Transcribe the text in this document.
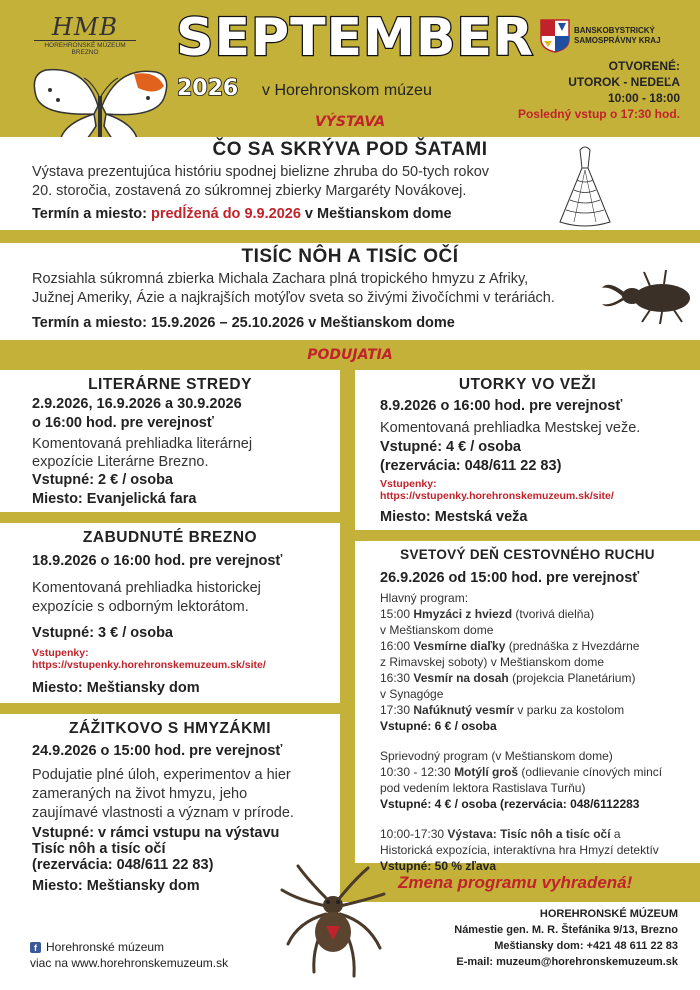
HMB
HOREHRONSKÉ MÚZEUM BREZNO	SEPTEMBER
2026 v Horehronskom múzeu
BANSKOBYSTRICKÝ
SAMOSPRÁVNY KRAJ
OTVORENÉ:
UTOROK - NEDEĽA
10:00 - 18:00
Posledný vstup o 17:30 hod.
VÝSTAVA
ČO SA SKRÝVA POD ŠATAMI
Výstava prezentujúca históriu spodnej bielizne zhruba do 50-tych rokov
20. storočia, zostavená zo súkromnej zbierky Margaréty Novákovej.
Termín a miesto: predĺžená do 9.9.2026 v Meštianskom dome
TISÍC NÔH A TISÍC OČÍ
Rozsiahla súkromná zbierka Michala Zachara plná tropického hmyzu z Afriky,
Južnej Ameriky, Ázie a najkrajších motýľov sveta so živými živočíchmi v teráriách.
Termín a miesto: 15.9.2026 – 25.10.2026 v Meštianskom dome
PODUJATIA
LITERÁRNE STREDY
2.9.2026, 16.9.2026 a 30.9.2026
o 16:00 hod. pre verejnosť
Komentovaná prehliadka literárnej
expozície Literárne Brezno.
Vstupné: 2 € / osoba
Miesto: Evanjelická fara
ZABUDNUTÉ BREZNO
18.9.2026 o 16:00 hod. pre verejnosť
Komentovaná prehliadka historickej
expozície s odborným lektorátom.
Vstupné: 3 € / osoba
Vstupenky:
https://vstupenky.horehronskemuzeum.sk/site/
Miesto: Meštiansky dom
ZÁŽITKOVO S HMYZÁKMI
24.9.2026 o 15:00 hod. pre verejnosť
Podujatie plné úloh, experimentov a hier
zameraných na život hmyzu, jeho
zaujímavé vlastnosti a význam v prírode.
Vstupné: v rámci vstupu na výstavu
Tisíc nôh a tisíc očí
(rezervácia: 048/611 22 83)
Miesto: Meštiansky dom
UTORKY VO VEŽI
8.9.2026 o 16:00 hod. pre verejnosť
Komentovaná prehliadka Mestskej veže.
Vstupné: 4 € / osoba
(rezervácia: 048/611 22 83)
Vstupenky:
https://vstupenky.horehronskemuzeum.sk/site/
Miesto: Mestská veža
SVETOVÝ DEŇ CESTOVNÉHO RUCHU
26.9.2026 od 15:00 hod. pre verejnosť
Hlavný program:
15:00 Hmyzáci z hviezd (tvorivá dielňa)
v Meštianskom dome
16:00 Vesmírne diaľky (prednáška z Hvezdárne
z Rimavskej soboty) v Meštianskom dome
16:30 Vesmír na dosah (projekcia Planetárium)
v Synagóge
17:30 Nafúknutý vesmír v parku za kostolom
Vstupné: 6 € / osoba
Sprievodný program (v Meštianskom dome)
10:30 - 12:30 Motýlí groš (odlievanie cínových mincí
pod vedením lektora Rastislava Turňu)
Vstupné: 4 € / osoba (rezervácia: 048/6112283
10:00-17:30 Výstava: Tisíc nôh a tisíc očí a
Historická expozícia, interaktívna hra Hmyzí detektív
Vstupné: 50 % zľava
Zmena programu vyhradená!
f Horehronské múzeum
viac na www.horehronskemuzeum.sk
HOREHRONSKÉ MÚZEUM
Námestie gen. M. R. Štefánika 9/13, Brezno
Meštiansky dom: +421 48 611 22 83
E-mail: muzeum@horehronskemuzeum.sk
